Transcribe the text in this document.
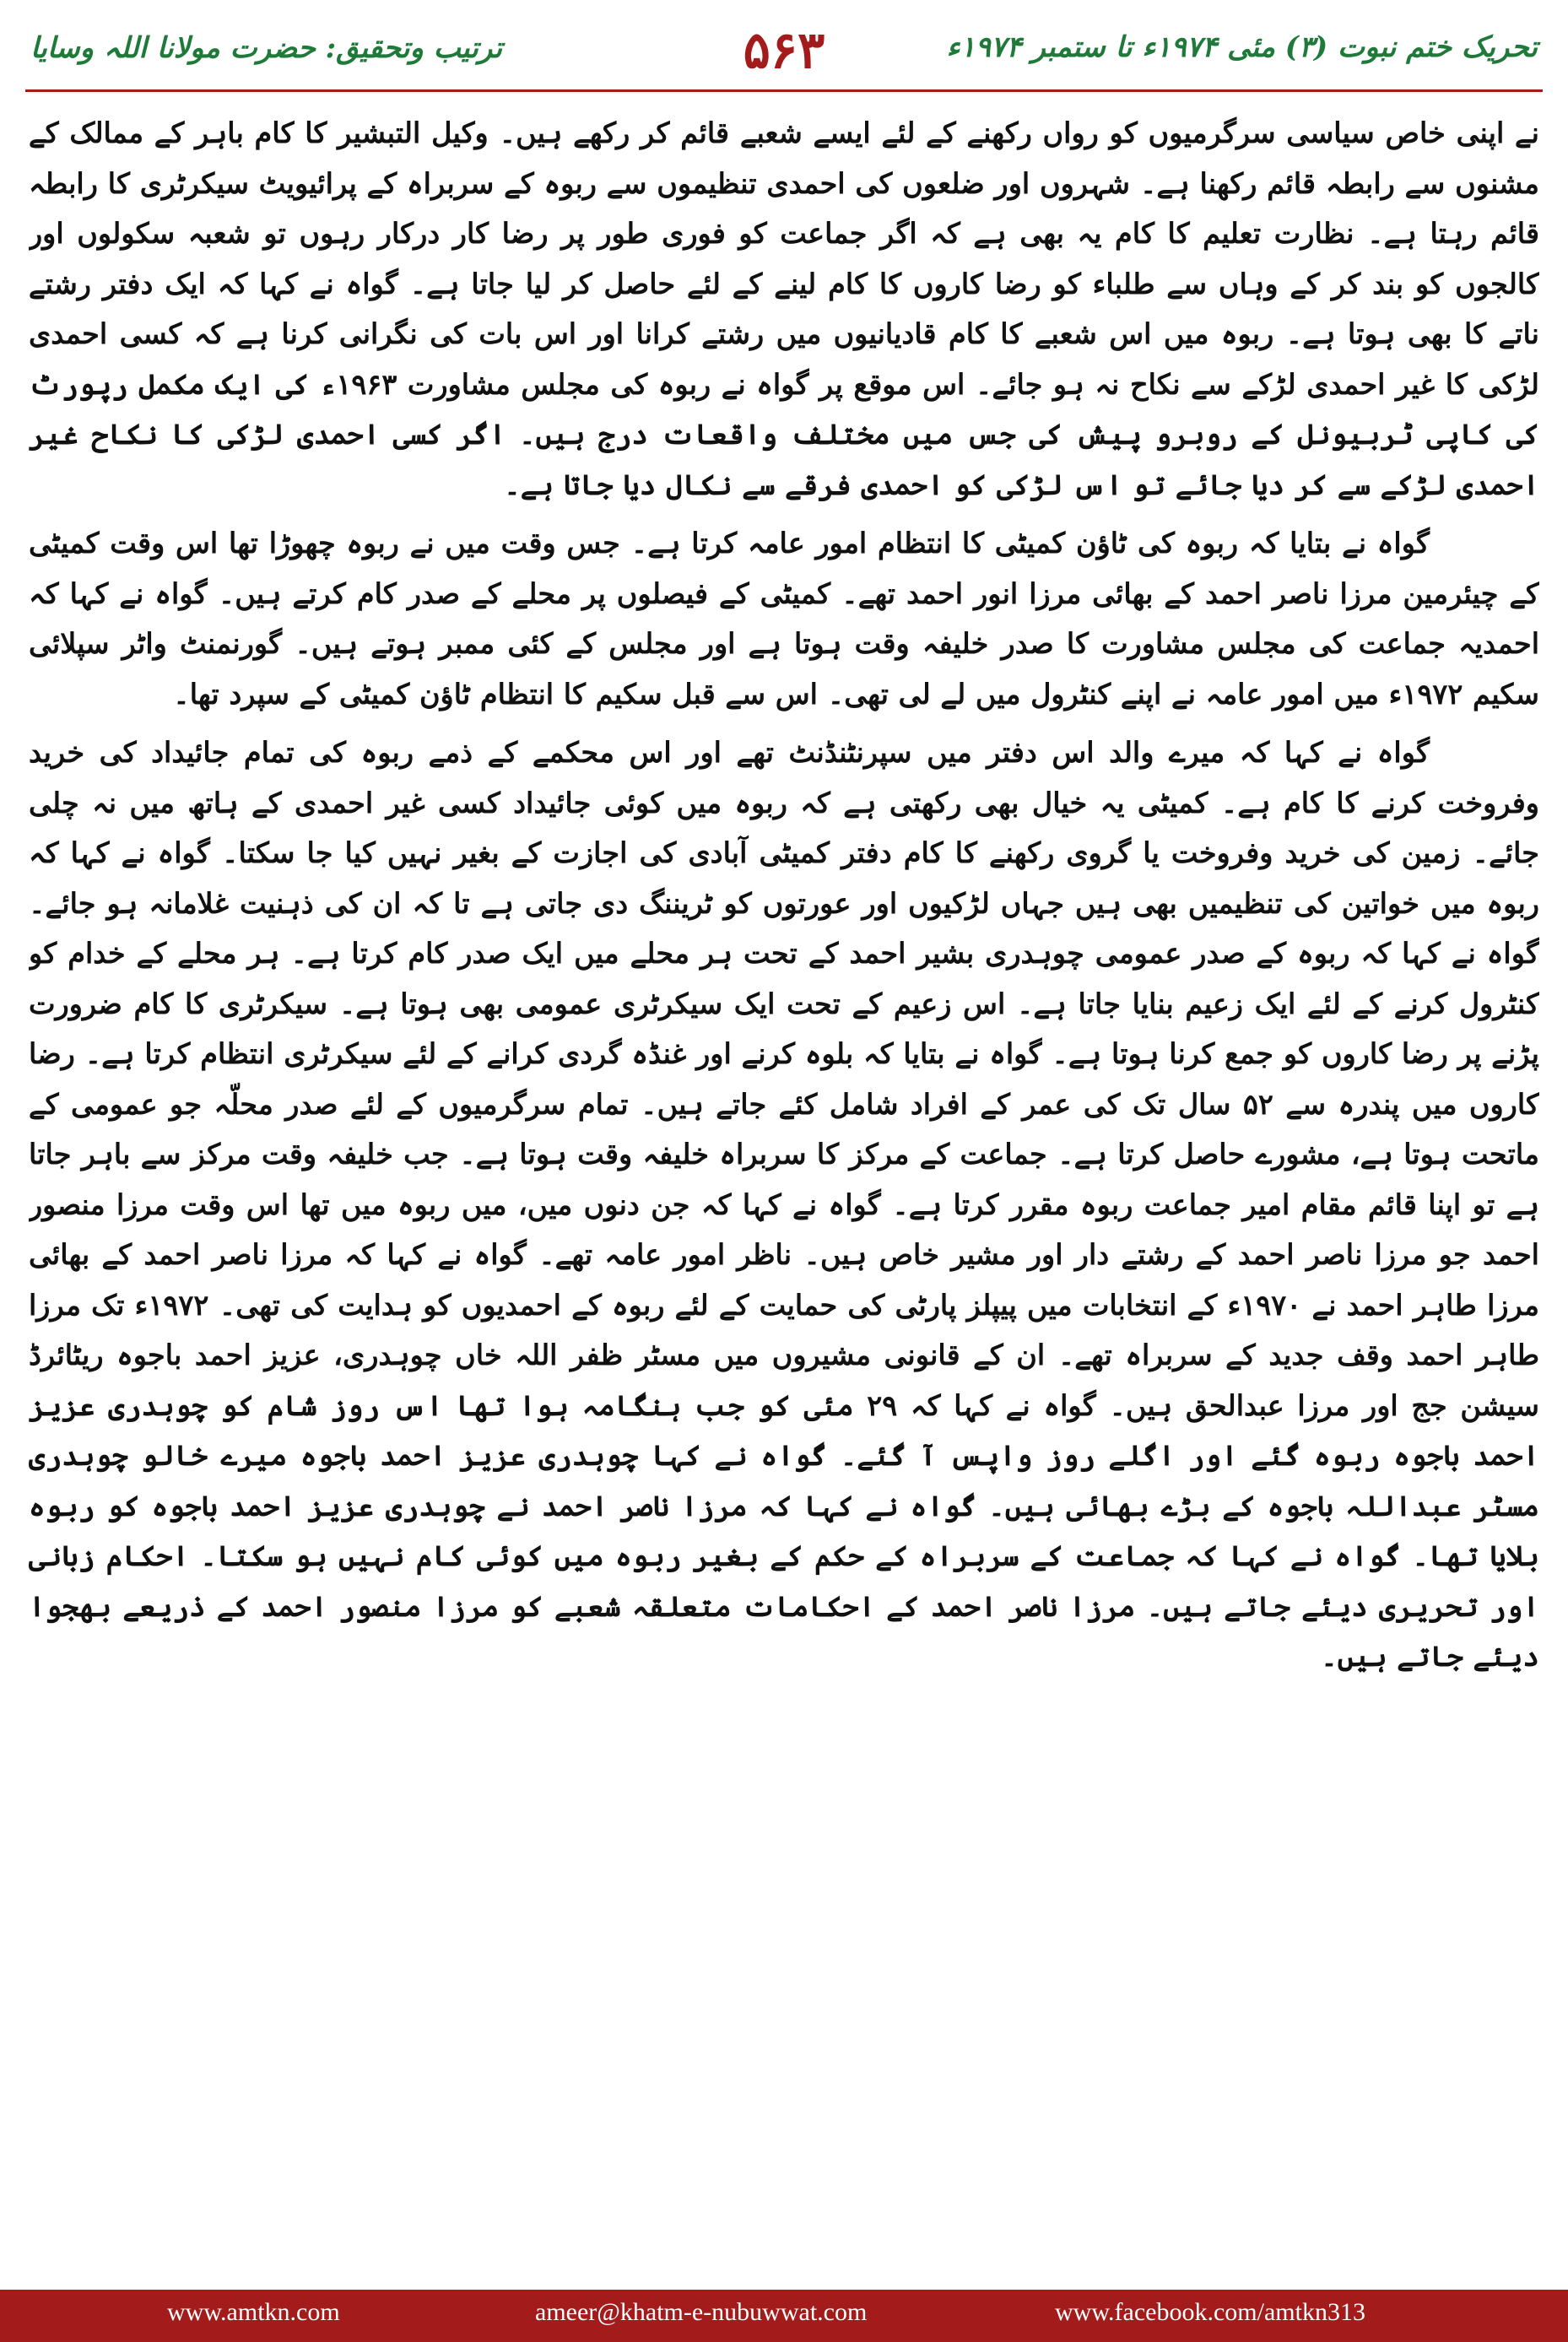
تحریک ختم نبوت (۳) مئی ۱۹۷۴ء تا ستمبر ۱۹۷۴ء
۵۶۳
ترتیب وتحقیق: حضرت مولانا اللہ وسایا

نے اپنی خاص سیاسی سرگرمیوں کو رواں رکھنے کے لئے ایسے شعبے قائم کر رکھے ہیں۔ وکیل التبشیر کا کام باہر کے ممالک کے مشنوں سے رابطہ قائم رکھنا ہے۔ شہروں اور ضلعوں کی احمدی تنظیموں سے ربوہ کے سربراہ کے پرائیویٹ سیکرٹری کا رابطہ قائم رہتا ہے۔ نظارت تعلیم کا کام یہ بھی ہے کہ اگر جماعت کو فوری طور پر رضا کار درکار رہوں تو شعبہ سکولوں اور کالجوں کو بند کر کے وہاں سے طلباء کو رضا کاروں کا کام لینے کے لئے حاصل کر لیا جاتا ہے۔ گواہ نے کہا کہ ایک دفتر رشتے ناتے کا بھی ہوتا ہے۔ ربوہ میں اس شعبے کا کام قادیانیوں میں رشتے کرانا اور اس بات کی نگرانی کرنا ہے کہ کسی احمدی لڑکی کا غیر احمدی لڑکے سے نکاح نہ ہو جائے۔ اس موقع پر گواہ نے ربوہ کی مجلس مشاورت ۱۹۶۳ء کی ایک مکمل رپورٹ کی کاپی ٹربیونل کے روبرو پیش کی جس میں مختلف واقعات درج ہیں۔ اگر کسی احمدی لڑکی کا نکاح غیر احمدی لڑکے سے کر دیا جائے تو اس لڑکی کو احمدی فرقے سے نکال دیا جاتا ہے۔

گواہ نے بتایا کہ ربوہ کی ٹاؤن کمیٹی کا انتظام امور عامہ کرتا ہے۔ جس وقت میں نے ربوہ چھوڑا تھا اس وقت کمیٹی کے چیئرمین مرزا ناصر احمد کے بھائی مرزا انور احمد تھے۔ کمیٹی کے فیصلوں پر محلے کے صدر کام کرتے ہیں۔ گواہ نے کہا کہ احمدیہ جماعت کی مجلس مشاورت کا صدر خلیفہ وقت ہوتا ہے اور مجلس کے کئی ممبر ہوتے ہیں۔ گورنمنٹ واٹر سپلائی سکیم ۱۹۷۲ء میں امور عامہ نے اپنے کنٹرول میں لے لی تھی۔ اس سے قبل سکیم کا انتظام ٹاؤن کمیٹی کے سپرد تھا۔

گواہ نے کہا کہ میرے والد اس دفتر میں سپرنٹنڈنٹ تھے اور اس محکمے کے ذمے ربوہ کی تمام جائیداد کی خرید وفروخت کرنے کا کام ہے۔ کمیٹی یہ خیال بھی رکھتی ہے کہ ربوہ میں کوئی جائیداد کسی غیر احمدی کے ہاتھ میں نہ چلی جائے۔ زمین کی خرید وفروخت یا گروی رکھنے کا کام دفتر کمیٹی آبادی کی اجازت کے بغیر نہیں کیا جا سکتا۔ گواہ نے کہا کہ ربوہ میں خواتین کی تنظیمیں بھی ہیں جہاں لڑکیوں اور عورتوں کو ٹریننگ دی جاتی ہے تا کہ ان کی ذہنیت غلامانہ ہو جائے۔ گواہ نے کہا کہ ربوہ کے صدر عمومی چوہدری بشیر احمد کے تحت ہر محلے میں ایک صدر کام کرتا ہے۔ ہر محلے کے خدام کو کنٹرول کرنے کے لئے ایک زعیم بنایا جاتا ہے۔ اس زعیم کے تحت ایک سیکرٹری عمومی بھی ہوتا ہے۔ سیکرٹری کا کام ضرورت پڑنے پر رضا کاروں کو جمع کرنا ہوتا ہے۔ گواہ نے بتایا کہ بلوہ کرنے اور غنڈہ گردی کرانے کے لئے سیکرٹری انتظام کرتا ہے۔ رضا کاروں میں پندرہ سے ۵۲ سال تک کی عمر کے افراد شامل کئے جاتے ہیں۔ تمام سرگرمیوں کے لئے صدر محلّہ جو عمومی کے ماتحت ہوتا ہے، مشورے حاصل کرتا ہے۔ جماعت کے مرکز کا سربراہ خلیفہ وقت ہوتا ہے۔ جب خلیفہ وقت مرکز سے باہر جاتا ہے تو اپنا قائم مقام امیر جماعت ربوہ مقرر کرتا ہے۔ گواہ نے کہا کہ جن دنوں میں، میں ربوہ میں تھا اس وقت مرزا منصور احمد جو مرزا ناصر احمد کے رشتے دار اور مشیر خاص ہیں۔ ناظر امور عامہ تھے۔ گواہ نے کہا کہ مرزا ناصر احمد کے بھائی مرزا طاہر احمد نے ۱۹۷۰ء کے انتخابات میں پیپلز پارٹی کی حمایت کے لئے ربوہ کے احمدیوں کو ہدایت کی تھی۔ ۱۹۷۲ء تک مرزا طاہر احمد وقف جدید کے سربراہ تھے۔ ان کے قانونی مشیروں میں مسٹر ظفر اللہ خاں چوہدری، عزیز احمد باجوہ ریٹائرڈ سیشن جج اور مرزا عبدالحق ہیں۔ گواہ نے کہا کہ ۲۹ مئی کو جب ہنگامہ ہوا تھا اس روز شام کو چوہدری عزیز احمد باجوہ ربوہ گئے اور اگلے روز واپس آ گئے۔ گواہ نے کہا چوہدری عزیز احمد باجوہ میرے خالو چوہدری مسٹر عبداللہ باجوہ کے بڑے بھائی ہیں۔ گواہ نے کہا کہ مرزا ناصر احمد نے چوہدری عزیز احمد باجوہ کو ربوہ بلایا تھا۔ گواہ نے کہا کہ جماعت کے سربراہ کے حکم کے بغیر ربوہ میں کوئی کام نہیں ہو سکتا۔ احکام زبانی اور تحریری دیئے جاتے ہیں۔ مرزا ناصر احمد کے احکامات متعلقہ شعبے کو مرزا منصور احمد کے ذریعے بھجوا دیئے جاتے ہیں۔

www.amtkn.com	ameer@khatm-e-nubuwwat.com	www.facebook.com/amtkn313
